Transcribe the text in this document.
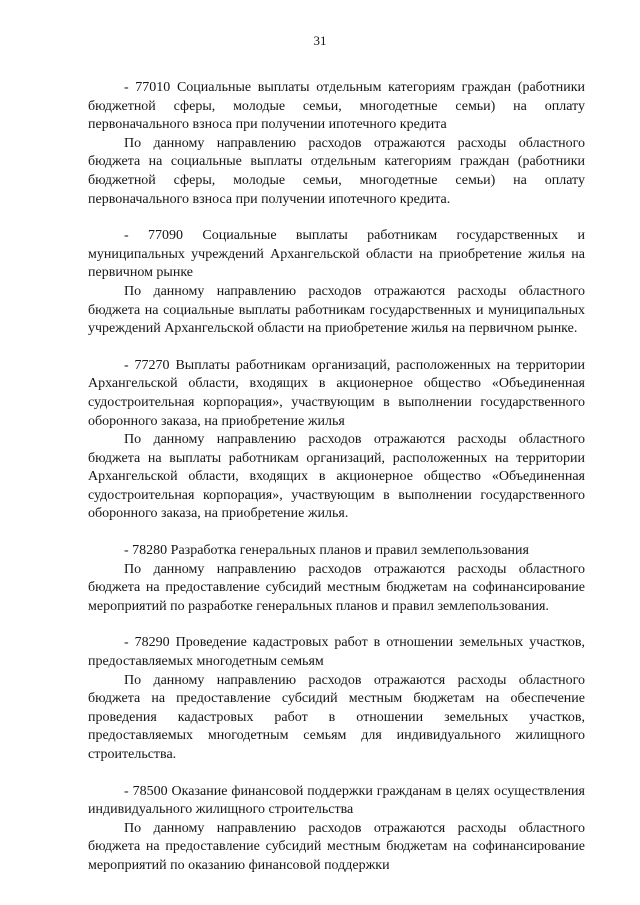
31

- 77010 Социальные выплаты отдельным категориям граждан (работники бюджетной сферы, молодые семьи, многодетные семьи) на оплату первоначального взноса при получении ипотечного кредита

По данному направлению расходов отражаются расходы областного бюджета на социальные выплаты отдельным категориям граждан (работники бюджетной сферы, молодые семьи, многодетные семьи) на оплату первоначального взноса при получении ипотечного кредита.

- 77090 Социальные выплаты работникам государственных и муниципальных учреждений Архангельской области на приобретение жилья на первичном рынке

По данному направлению расходов отражаются расходы областного бюджета на социальные выплаты работникам государственных и муниципальных учреждений Архангельской области на приобретение жилья на первичном рынке.

- 77270 Выплаты работникам организаций, расположенных на территории Архангельской области, входящих в акционерное общество «Объединенная судостроительная корпорация», участвующим в выполнении государственного оборонного заказа, на приобретение жилья

По данному направлению расходов отражаются расходы областного бюджета на выплаты работникам организаций, расположенных на территории Архангельской области, входящих в акционерное общество «Объединенная судостроительная корпорация», участвующим в выполнении государственного оборонного заказа, на приобретение жилья.

- 78280 Разработка генеральных планов и правил землепользования

По данному направлению расходов отражаются расходы областного бюджета на предоставление субсидий местным бюджетам на софинансирование мероприятий по разработке генеральных планов и правил землепользования.

- 78290 Проведение кадастровых работ в отношении земельных участков, предоставляемых многодетным семьям

По данному направлению расходов отражаются расходы областного бюджета на предоставление субсидий местным бюджетам на обеспечение проведения кадастровых работ в отношении земельных участков, предоставляемых многодетным семьям для индивидуального жилищного строительства.

- 78500 Оказание финансовой поддержки гражданам в целях осуществления индивидуального жилищного строительства

По данному направлению расходов отражаются расходы областного бюджета на предоставление субсидий местным бюджетам на софинансирование мероприятий по оказанию финансовой поддержки
